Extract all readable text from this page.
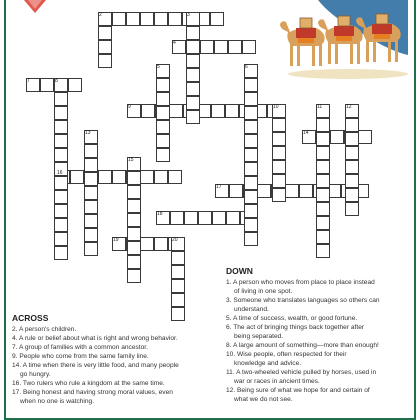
2	3
4
5	6
7	8
9	10	11	12
13	14
15
16
17
18
19	20
ACROSS
2. A person's children.
4. A rule or belief about what is right and wrong behavior.
7. A group of families with a common ancestor.
9. People who come from the same family line.
14. A time when there is very little food, and many people
go hungry.
16. Two rulers who rule a kingdom at the same time.
17. Being honest and having strong moral values, even
when no one is watching.
DOWN
1. A person who moves from place to place instead
of living in one spot.
3. Someone who translates languages so others can
understand.
5. A time of success, wealth, or good fortune.
6. The act of bringing things back together after
being separated.
8. A large amount of something—more than enough!
10. Wise people, often respected for their
knowledge and advice.
11. A two-wheeled vehicle pulled by horses, used in
war or races in ancient times.
12. Being sure of what we hope for and certain of
what we do not see.
